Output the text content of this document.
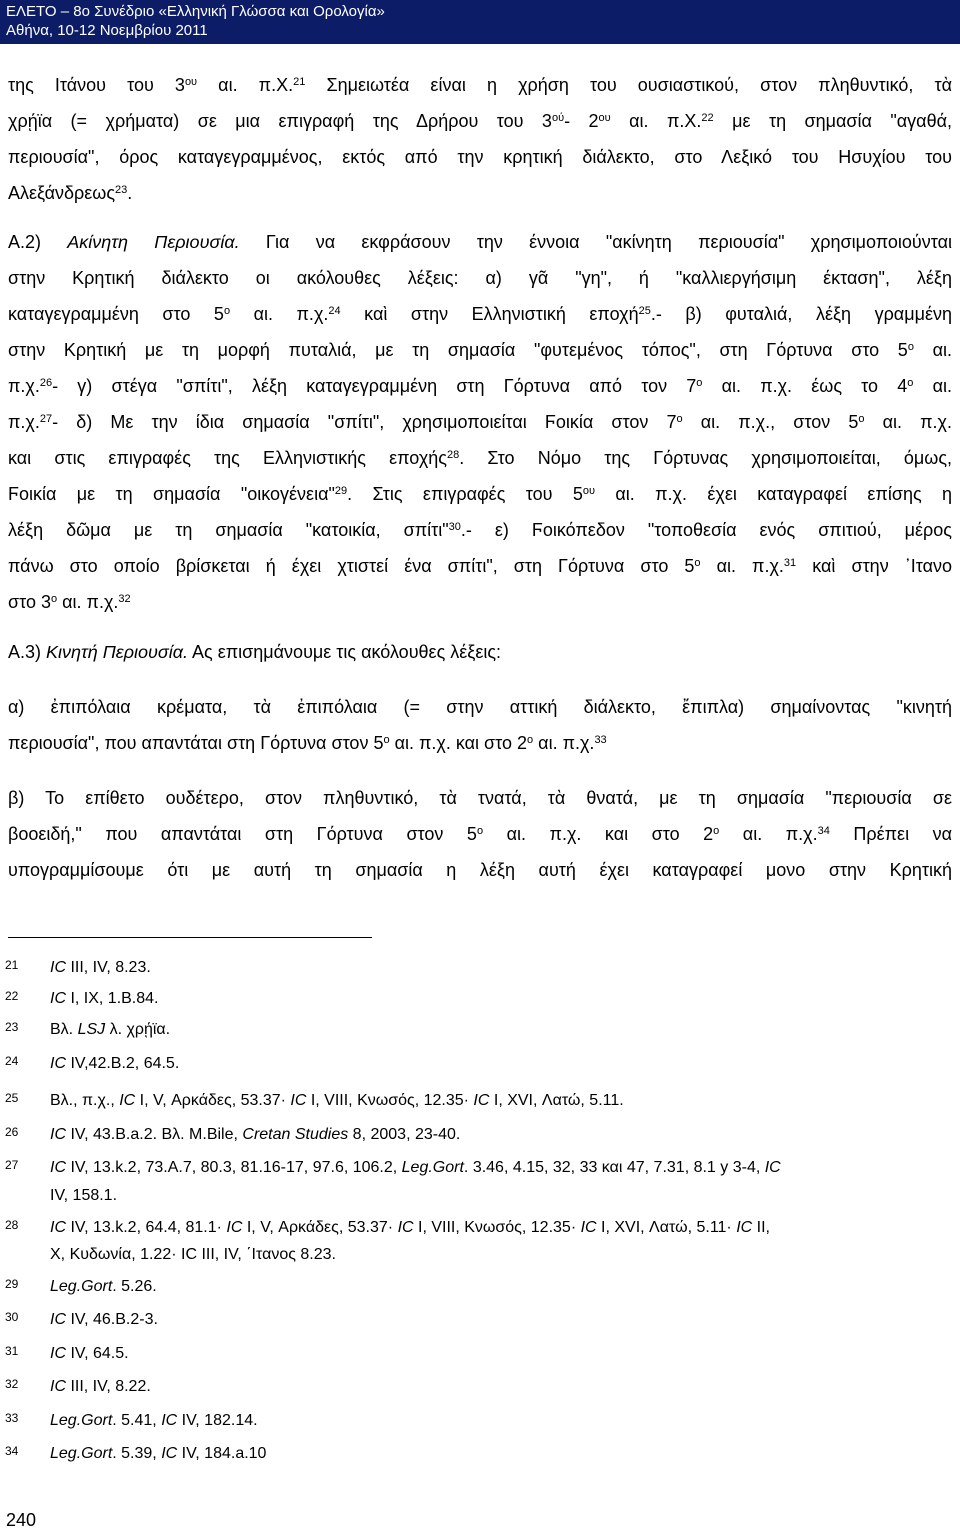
ΕΛΕΤΟ – 8ο Συνέδριο «Ελληνική Γλώσσα και Ορολογία»
Αθήνα, 10-12 Νοεμβρίου 2011
της Ιτάνου του $3^{o\upsilon}$ αι. π.Χ.$^{21}$ Σημειωτέα είναι η χρήση του ουσιαστικού, στον πληθυντικό, τὰ
χρῄϊα (= χρήματα) σε μια επιγραφή της Δρήρου του $3^{oύ}-$ $2^{o\upsilon}$ αι. π.Χ.$^{22}$ με τη σημασία "αγαθά,
περιουσία", όρος καταγεγραμμένος, εκτός από την κρητική διάλεκτο, στο Λεξικό του Ησυχίου του
Αλεξάνδρεως$^{23}$.
Α.2) Ακίνητη Περιουσία. Για να εκφράσουν την έννοια "ακίνητη περιουσία" χρησιμοποιούνται
στην Κρητική διάλεκτο οι ακόλουθες λέξεις: α) γᾶ "γη", ή "καλλιεργήσιμη έκταση", λέξη
καταγεγραμμένη στο $5^o$ αι. π.χ.$^{24}$ καὶ στην Ελληνιστική εποχή$^{25}$.- β) φυταλιά, λέξη γραμμένη
στην Κρητική με τη μορφή πυταλιά, με τη σημασία "φυτεμένος τόπος", στη Γόρτυνα στο $5^o$ αι.
π.χ.$^{26}$- γ) στέγα "σπίτι", λέξη καταγεγραμμένη στη Γόρτυνα από τον $7^o$ αι. π.χ. έως το $4^o$ αι.
π.χ.$^{27}$- δ) Με την ίδια σημασία "σπίτι", χρησιμοποιείται Ϝοικία στον $7^o$ αι. π.χ., στον $5^o$ αι. π.χ.
και στις επιγραφές της Ελληνιστικής εποχής$^{28}$. Στο Νόμο της Γόρτυνας χρησιμοποιείται, όμως,
Ϝοικία με τη σημασία "οικογένεια"$^{29}$. Στις επιγραφές του $5^{o\upsilon}$ αι. π.χ. έχει καταγραφεί επίσης η
λέξη δῶμα με τη σημασία "κατοικία, σπίτι"$^{30}$.- ε) Ϝοικόπεδον "τοποθεσία ενός σπιτιού, μέρος
πάνω στο οποίο βρίσκεται ή έχει χτιστεί ένα σπίτι", στη Γόρτυνα στο $5^o$ αι. π.χ.$^{31}$ καὶ στην ᾽Ιτανο
στο $3^o$ αι. π.χ.$^{32}$
Α.3) Κινητή Περιουσία. Ας επισημάνουμε τις ακόλουθες λέξεις:
α) ἐπιπόλαια κρέματα, τὰ ἐπιπόλαια (= στην αττική διάλεκτο, ἔπιπλα) σημαίνοντας "κινητή
περιουσία", που απαντάται στη Γόρτυνα στον $5^o$ αι. π.χ. και στο $2^o$ αι. π.χ.$^{33}$
β) Το επίθετο ουδέτερο, στον πληθυντικό, τὰ τνατά, τὰ θνατά, με τη σημασία "περιουσία σε
βοοειδή," που απαντάται στη Γόρτυνα στον $5^o$ αι. π.χ. και στο $2^o$ αι. π.χ.$^{34}$ Πρέπει να
υπογραμμίσουμε ότι με αυτή τη σημασία η λέξη αυτή έχει καταγραφεί μονο στην Κρητική
21 IC III, IV, 8.23.
22 IC I, IX, 1.B.84.
23 Βλ. LSJ λ. χρῄϊα.
24 IC IV,42.B.2, 64.5.
25 Βλ., π.χ., IC I, V, Αρκάδες, 53.37· IC I, VIII, Κνωσός, 12.35· IC I, XVI, Λατώ, 5.11.
26 IC IV, 43.B.a.2. Βλ. M.Bile, Cretan Studies 8, 2003, 23-40.
27 IC IV, 13.k.2, 73.A.7, 80.3, 81.16-17, 97.6, 106.2, Leg.Gort. 3.46, 4.15, 32, 33 και 47, 7.31, 8.1 y 3-4, IC
IV, 158.1.
28 IC IV, 13.k.2, 64.4, 81.1· IC I, V, Αρκάδες, 53.37· IC I, VIII, Κνωσός, 12.35· IC I, XVI, Λατώ, 5.11· IC II,
X, Κυδωνία, 1.22· IC III, IV, ΄Ιτανος 8.23.
29 Leg.Gort. 5.26.
30 IC IV, 46.B.2-3.
31 IC IV, 64.5.
32 IC III, IV, 8.22.
33 Leg.Gort. 5.41, IC IV, 182.14.
34 Leg.Gort. 5.39, IC IV, 184.a.10
240
